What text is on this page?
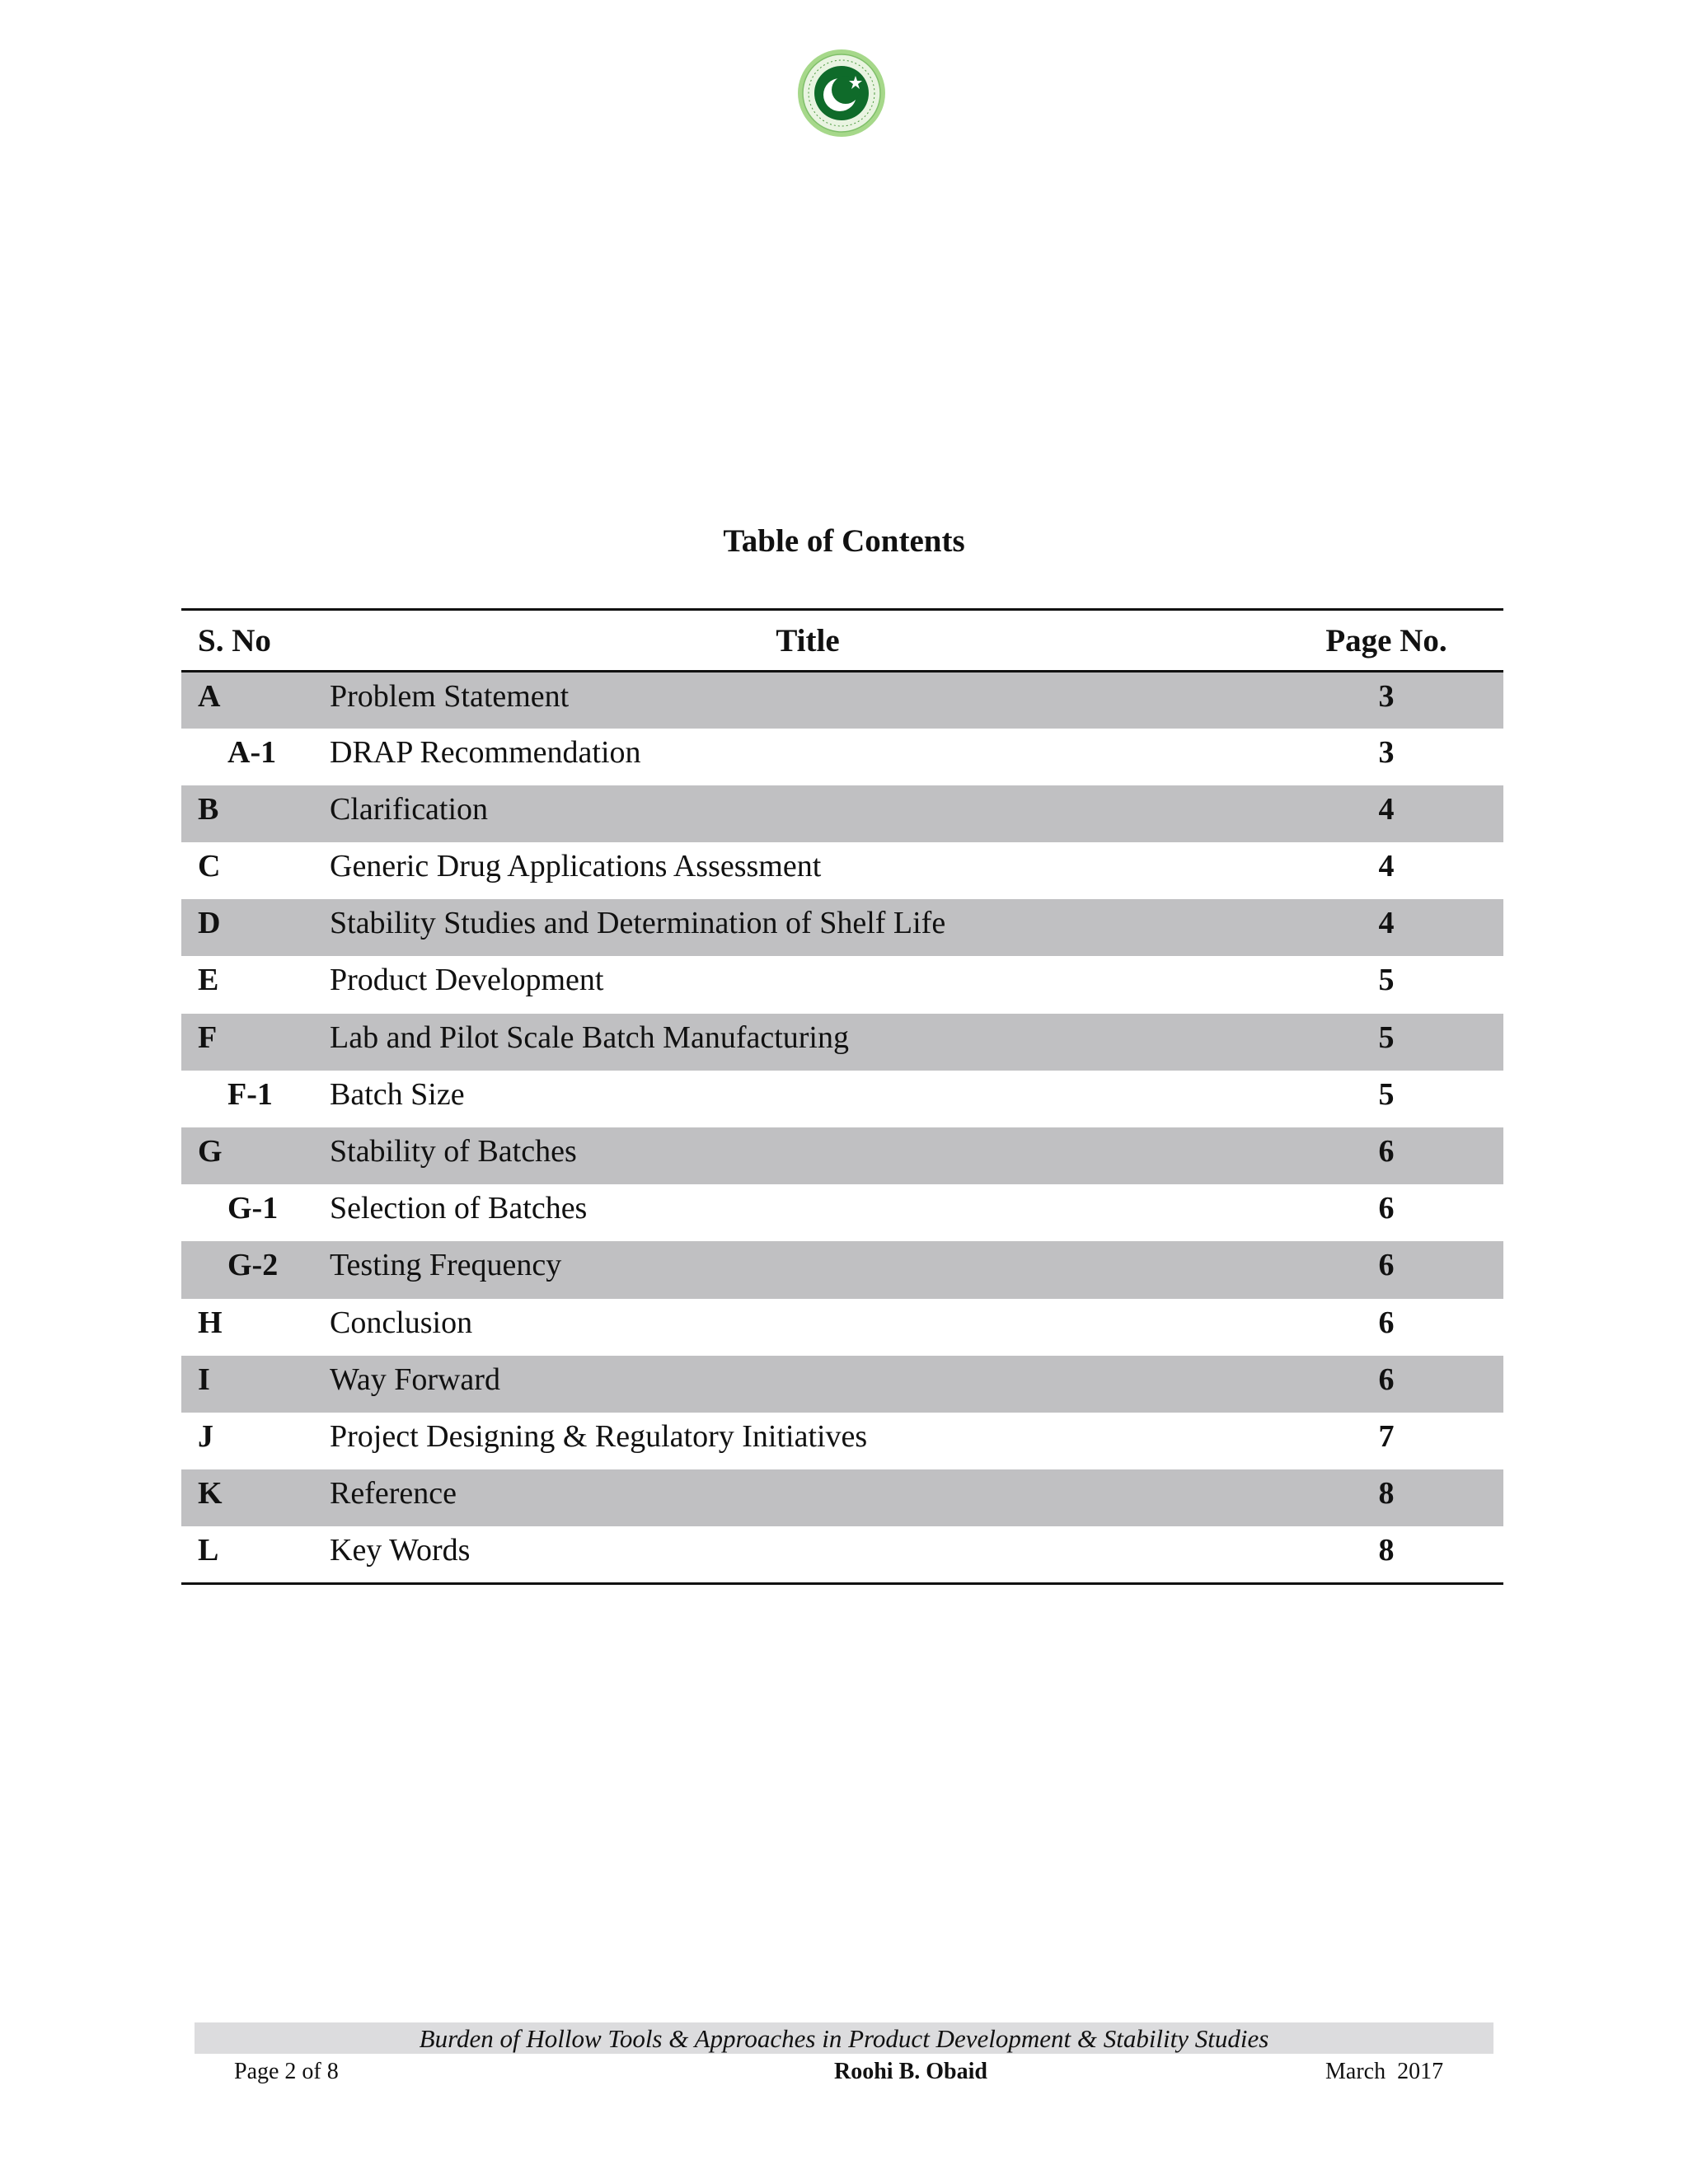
Table of Contents
S. No	Title	Page No.
A	Problem Statement	3
A-1	DRAP Recommendation	3
B	Clarification	4
C	Generic Drug Applications Assessment	4
D	Stability Studies and Determination of Shelf Life	4
E	Product Development	5
F	Lab and Pilot Scale Batch Manufacturing	5
F-1	Batch Size	5
G	Stability of Batches	6
G-1	Selection of Batches	6
G-2	Testing Frequency	6
H	Conclusion	6
I	Way Forward	6
J	Project Designing & Regulatory Initiatives	7
K	Reference	8
L	Key Words	8
Burden of Hollow Tools & Approaches in Product Development & Stability Studies
Page 2 of 8	Roohi B. Obaid	March  2017
